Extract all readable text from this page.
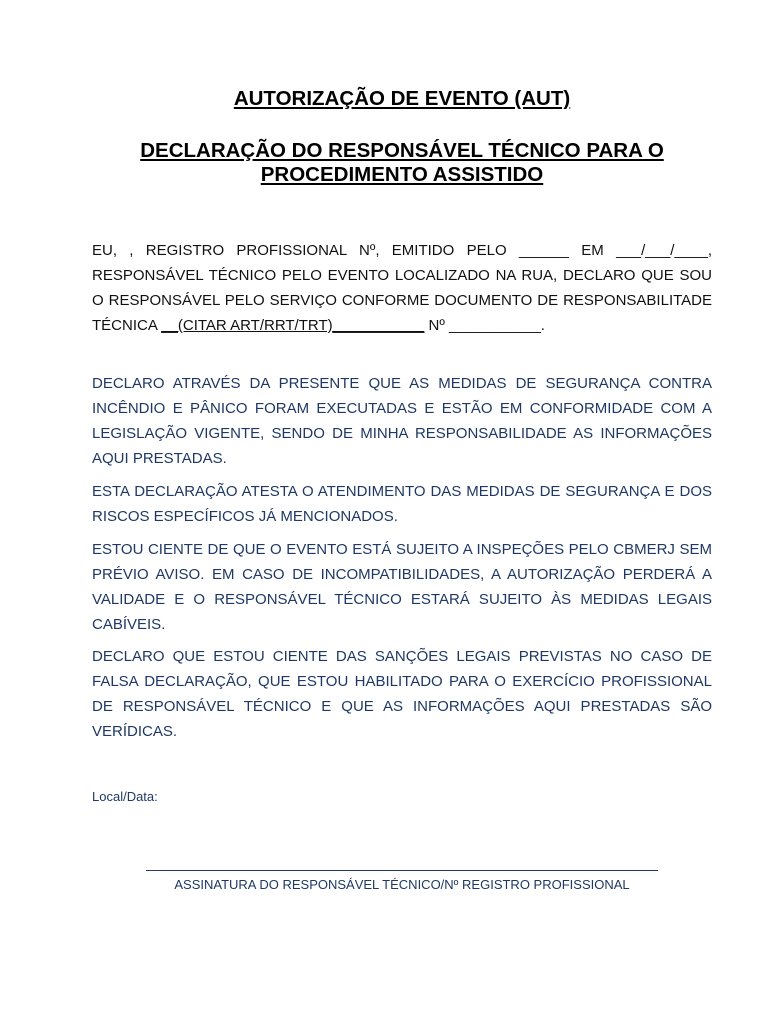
AUTORIZAÇÃO DE EVENTO (AUT)
DECLARAÇÃO DO RESPONSÁVEL TÉCNICO PARA O
PROCEDIMENTO ASSISTIDO

EU, , REGISTRO PROFISSIONAL Nº, EMITIDO PELO ______ EM ___/___/____, RESPONSÁVEL TÉCNICO PELO EVENTO LOCALIZADO NA RUA, DECLARO QUE SOU O RESPONSÁVEL PELO SERVIÇO CONFORME DOCUMENTO DE RESPONSABILITADE TÉCNICA __(CITAR ART/RRT/TRT)___________ Nº ___________.

DECLARO ATRAVÉS DA PRESENTE QUE AS MEDIDAS DE SEGURANÇA CONTRA INCÊNDIO E PÂNICO FORAM EXECUTADAS E ESTÃO EM CONFORMIDADE COM A LEGISLAÇÃO VIGENTE, SENDO DE MINHA RESPONSABILIDADE AS INFORMAÇÕES AQUI PRESTADAS.

ESTA DECLARAÇÃO ATESTA O ATENDIMENTO DAS MEDIDAS DE SEGURANÇA E DOS RISCOS ESPECÍFICOS JÁ MENCIONADOS.

ESTOU CIENTE DE QUE O EVENTO ESTÁ SUJEITO A INSPEÇÕES PELO CBMERJ SEM PRÉVIO AVISO. EM CASO DE INCOMPATIBILIDADES, A AUTORIZAÇÃO PERDERÁ A VALIDADE E O RESPONSÁVEL TÉCNICO ESTARÁ SUJEITO ÀS MEDIDAS LEGAIS CABÍVEIS.

DECLARO QUE ESTOU CIENTE DAS SANÇÕES LEGAIS PREVISTAS NO CASO DE FALSA DECLARAÇÃO, QUE ESTOU HABILITADO PARA O EXERCÍCIO PROFISSIONAL DE RESPONSÁVEL TÉCNICO E QUE AS INFORMAÇÕES AQUI PRESTADAS SÃO VERÍDICAS.

Local/Data:
ASSINATURA DO RESPONSÁVEL TÉCNICO/Nº REGISTRO PROFISSIONAL
